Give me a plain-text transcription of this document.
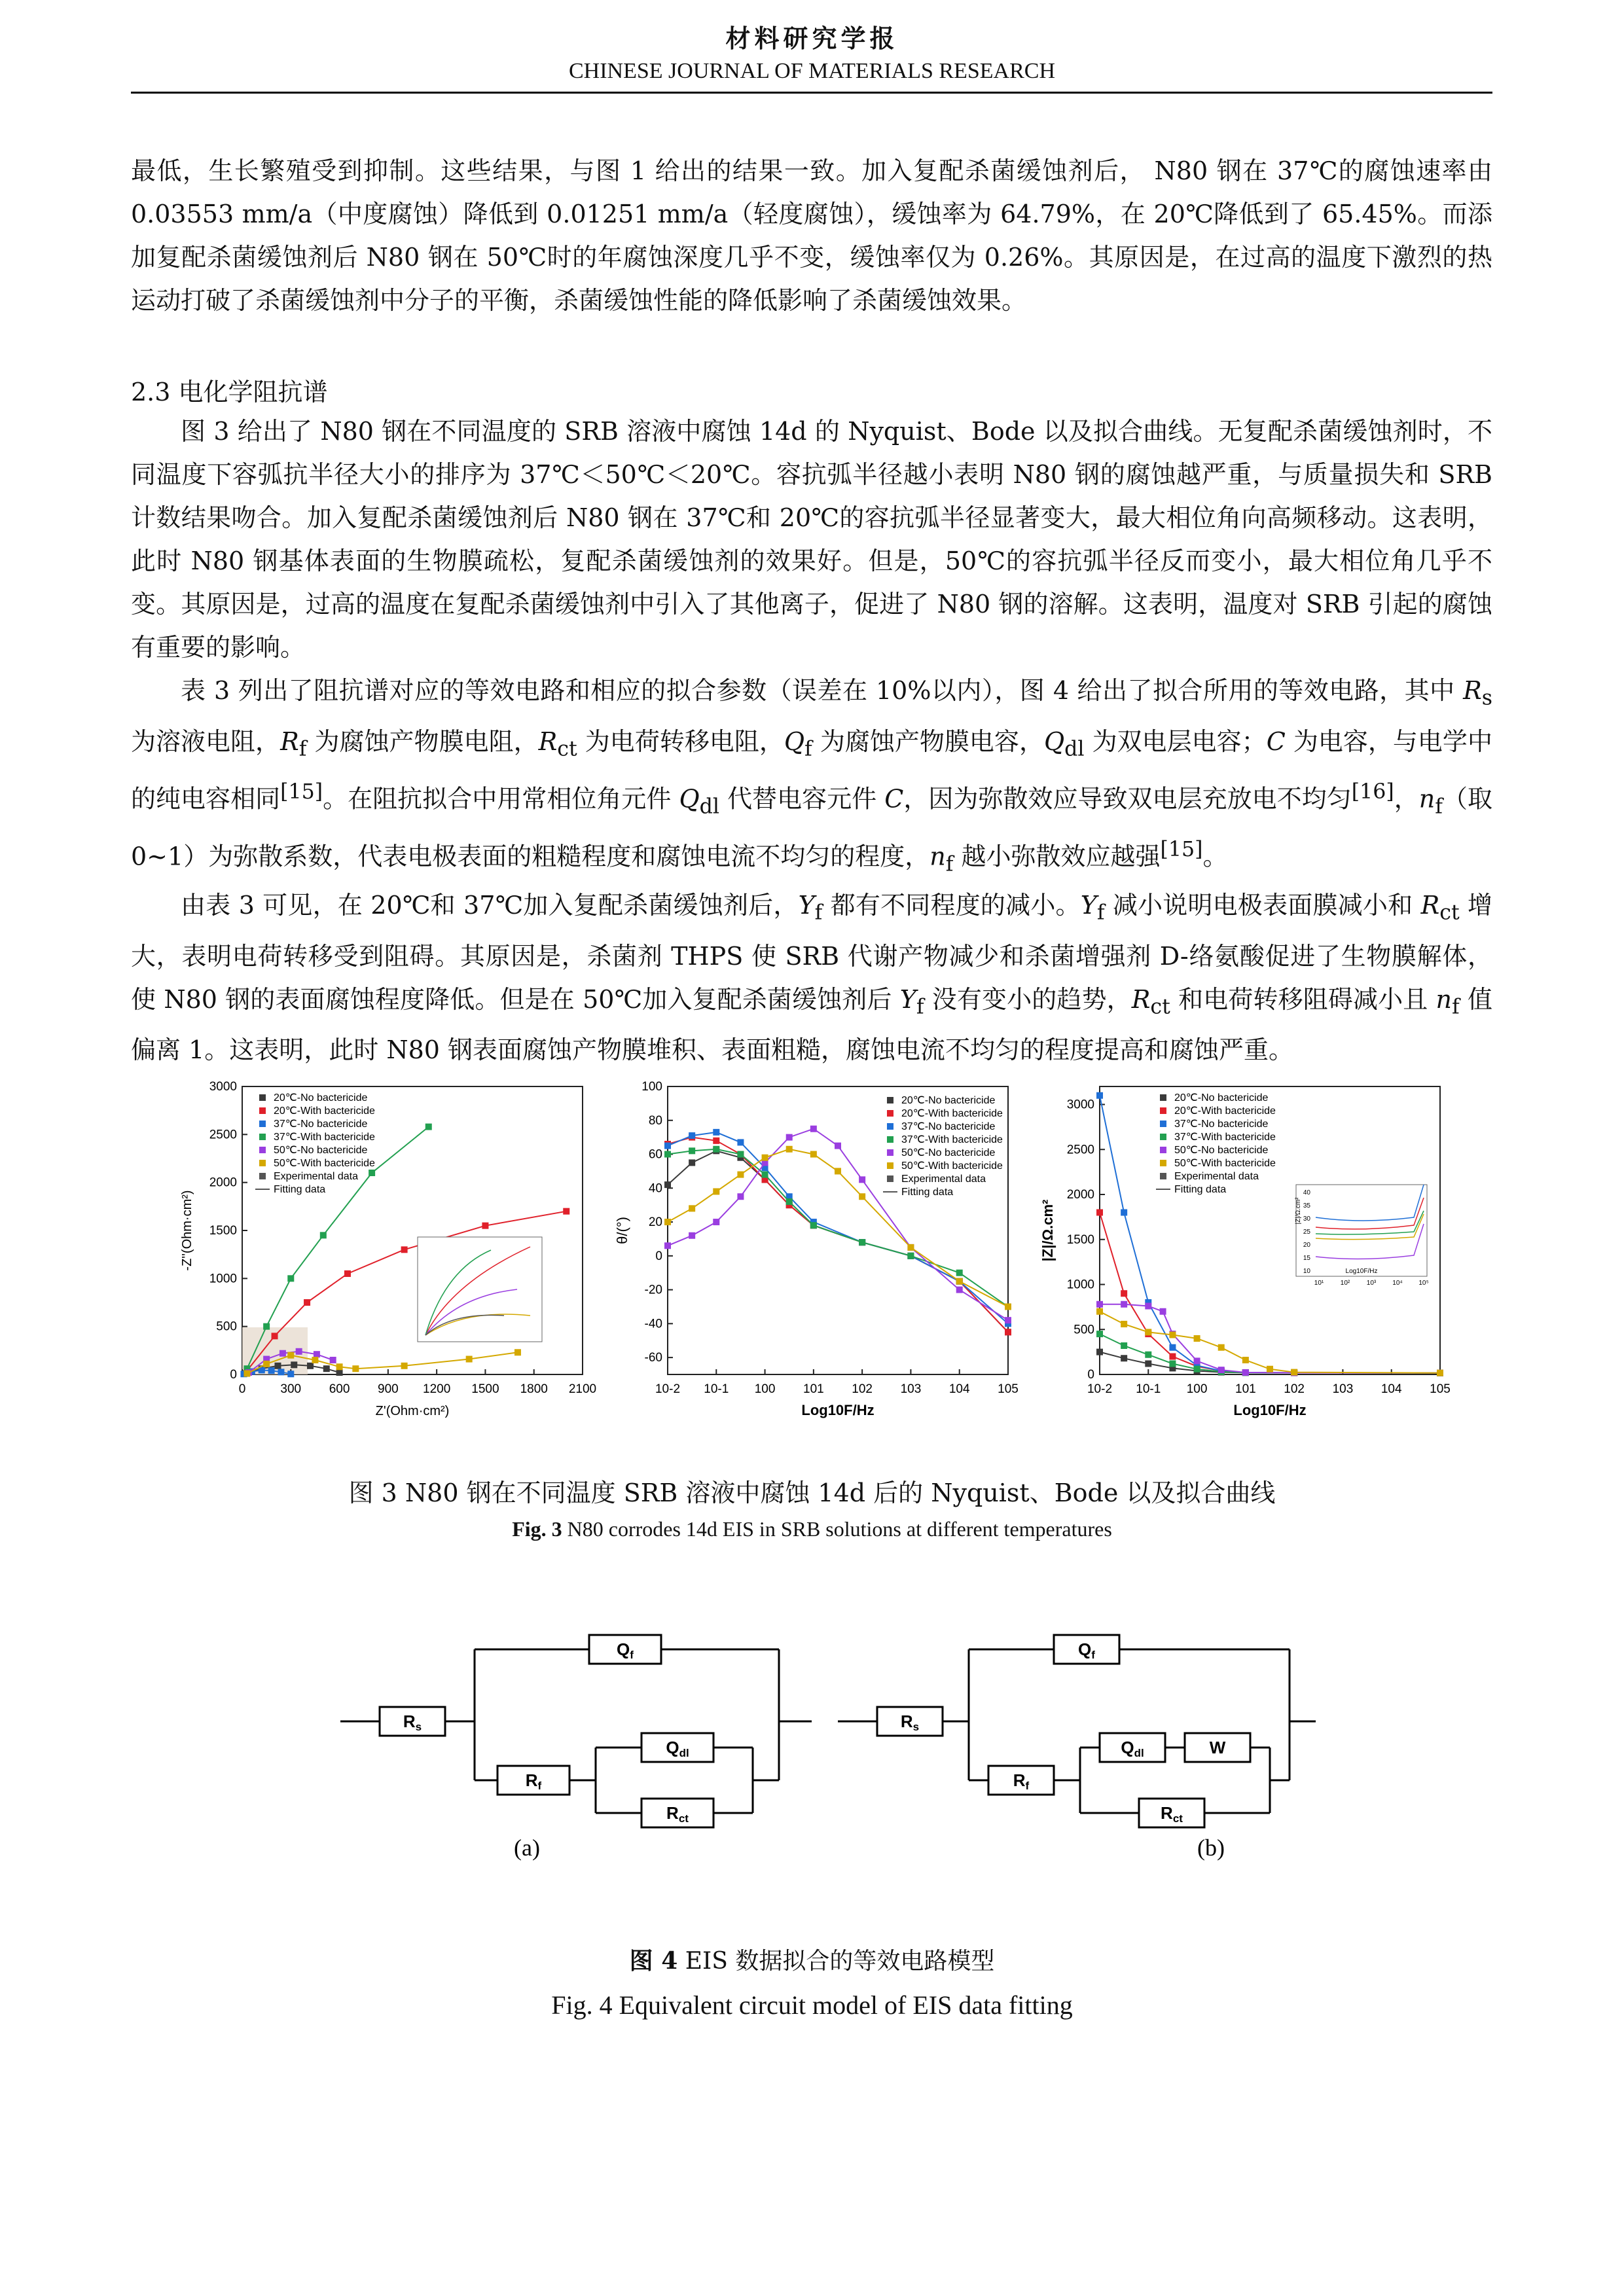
材料研究学报
CHINESE JOURNAL OF MATERIALS RESEARCH

最低，生长繁殖受到抑制。这些结果，与图 1 给出的结果一致。加入复配杀菌缓蚀剂后， N80 钢在 37℃的腐蚀速率由 0.03553 mm/a（中度腐蚀）降低到 0.01251 mm/a（轻度腐蚀），缓蚀率为 64.79%，在 20℃降低到了 65.45%。而添加复配杀菌缓蚀剂后 N80 钢在 50℃时的年腐蚀深度几乎不变，缓蚀率仅为 0.26%。其原因是，在过高的温度下激烈的热运动打破了杀菌缓蚀剂中分子的平衡，杀菌缓蚀性能的降低影响了杀菌缓蚀效果。

2.3 电化学阻抗谱

图 3 给出了 N80 钢在不同温度的 SRB 溶液中腐蚀 14d 的 Nyquist、Bode 以及拟合曲线。无复配杀菌缓蚀剂时，不同温度下容弧抗半径大小的排序为 37℃＜50℃＜20℃。容抗弧半径越小表明 N80 钢的腐蚀越严重，与质量损失和 SRB 计数结果吻合。加入复配杀菌缓蚀剂后 N80 钢在 37℃和 20℃的容抗弧半径显著变大，最大相位角向高频移动。这表明，此时 N80 钢基体表面的生物膜疏松，复配杀菌缓蚀剂的效果好。但是，50℃的容抗弧半径反而变小，最大相位角几乎不变。其原因是，过高的温度在复配杀菌缓蚀剂中引入了其他离子，促进了 N80 钢的溶解。这表明，温度对 SRB 引起的腐蚀有重要的影响。

表 3 列出了阻抗谱对应的等效电路和相应的拟合参数（误差在 10%以内），图 4 给出了拟合所用的等效电路，其中 $R_s$ 为溶液电阻，$R_f$ 为腐蚀产物膜电阻，$R_{ct}$ 为电荷转移电阻，$Q_f$ 为腐蚀产物膜电容，$Q_{dl}$ 为双电层电容；C 为电容，与电学中的纯电容相同[15]。在阻抗拟合中用常相位角元件 $Q_{dl}$ 代替电容元件 C，因为弥散效应导致双电层充放电不均匀[16]，$n_f$（取 0~1）为弥散系数，代表电极表面的粗糙程度和腐蚀电流不均匀的程度，$n_f$ 越小弥散效应越强[15]。

由表 3 可见，在 20℃和 37℃加入复配杀菌缓蚀剂后，$Y_f$ 都有不同程度的减小。$Y_f$ 减小说明电极表面膜减小和 $R_{ct}$ 增大，表明电荷转移受到阻碍。其原因是，杀菌剂 THPS 使 SRB 代谢产物减少和杀菌增强剂 D-络氨酸促进了生物膜解体，使 N80 钢的表面腐蚀程度降低。但是在 50℃加入复配杀菌缓蚀剂后 $Y_f$ 没有变小的趋势，$R_{ct}$ 和电荷转移阻碍减小且 $n_f$ 值偏离 1。这表明，此时 N80 钢表面腐蚀产物膜堆积、表面粗糙，腐蚀电流不均匀的程度提高和腐蚀严重。

0	300 600 900 1200 1500 1800 2100
0
500
1000
1500
2000
2500
3000
20℃-No bactericide
20℃-With bactericide
37℃-No bactericide
37℃-With bactericide
50℃-No bactericide
50℃-With bactericide
Experimental data
Fitting data
Z'(Ohm·cm²)
-Z''(Ohm·cm²)
10-2 10-1 100 101 102 103 104 105
100
80
60
40
20
0
-20
-40
-60
20℃-No bactericide
20℃-With bactericide
37℃-No bactericide
37℃-With bactericide
50℃-No bactericide
50℃-With bactericide
Experimental data
Fitting data
Log10F/Hz
θ/(°)
10-2 10-1 100 101 102 103 104 105
0
500
1000
1500
2000
2500
3000	20℃-No bactericide
20℃-With bactericide
37℃-No bactericide
37℃-With bactericide
50℃-No bactericide
50℃-With bactericide
Experimental data
Fitting data
10
15
20
25
30
35
40
10¹	10²	10³	10⁴ 10⁵
Log10F/Hz
|Z|/Ω.cm²
Log10F/Hz
|Z|/Ω.cm²
图 3 N80 钢在不同温度 SRB 溶液中腐蚀 14d 后的 Nyquist、Bode 以及拟合曲线
Fig. 3 N80 corrodes 14d EIS in SRB solutions at different temperatures
Rs
Qf
Rf
Qdl
Rct
Rs
Qf
Rf
Qdl	W
Rct
(a)	(b)
图 4 EIS 数据拟合的等效电路模型
Fig. 4 Equivalent circuit model of EIS data fitting
